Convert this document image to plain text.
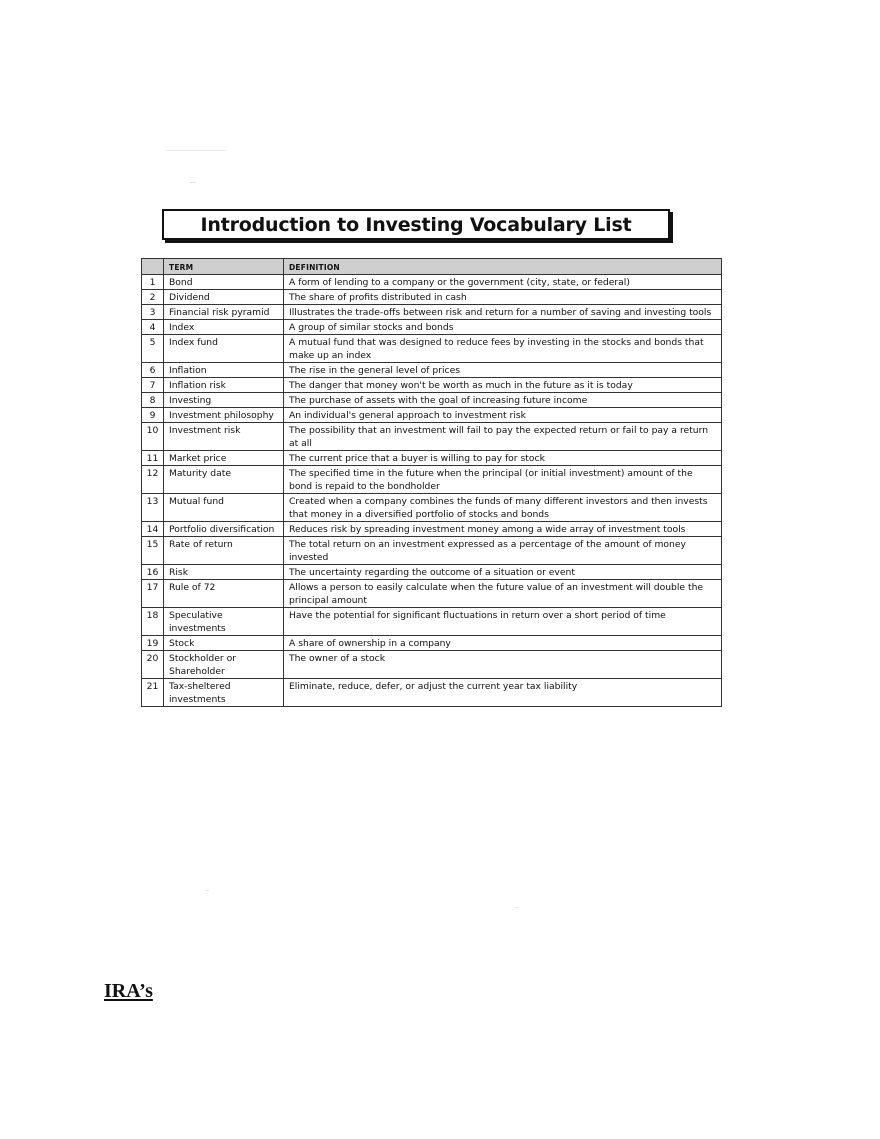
Introduction to Investing Vocabulary List
	TERM	DEFINITION
1	Bond	A form of lending to a company or the government (city, state, or federal)
2	Dividend	The share of profits distributed in cash
3	Financial risk pyramid	Illustrates the trade-offs between risk and return for a number of saving and investing tools
4	Index	A group of similar stocks and bonds
5	Index fund	A mutual fund that was designed to reduce fees by investing in the stocks and bonds that make up an index
6	Inflation	The rise in the general level of prices
7	Inflation risk	The danger that money won't be worth as much in the future as it is today
8	Investing	The purchase of assets with the goal of increasing future income
9	Investment philosophy	An individual's general approach to investment risk
10	Investment risk	The possibility that an investment will fail to pay the expected return or fail to pay a return at all
11	Market price	The current price that a buyer is willing to pay for stock
12	Maturity date	The specified time in the future when the principal (or initial investment) amount of the bond is repaid to the bondholder
13	Mutual fund	Created when a company combines the funds of many different investors and then invests that money in a diversified portfolio of stocks and bonds
14	Portfolio diversification	Reduces risk by spreading investment money among a wide array of investment tools
15	Rate of return	The total return on an investment expressed as a percentage of the amount of money invested
16	Risk	The uncertainty regarding the outcome of a situation or event
17	Rule of 72	Allows a person to easily calculate when the future value of an investment will double the principal amount
18	Speculative investments	Have the potential for significant fluctuations in return over a short period of time
19	Stock	A share of ownership in a company
20	Stockholder or Shareholder	The owner of a stock
21	Tax-sheltered investments	Eliminate, reduce, defer, or adjust the current year tax liability
IRA’s
